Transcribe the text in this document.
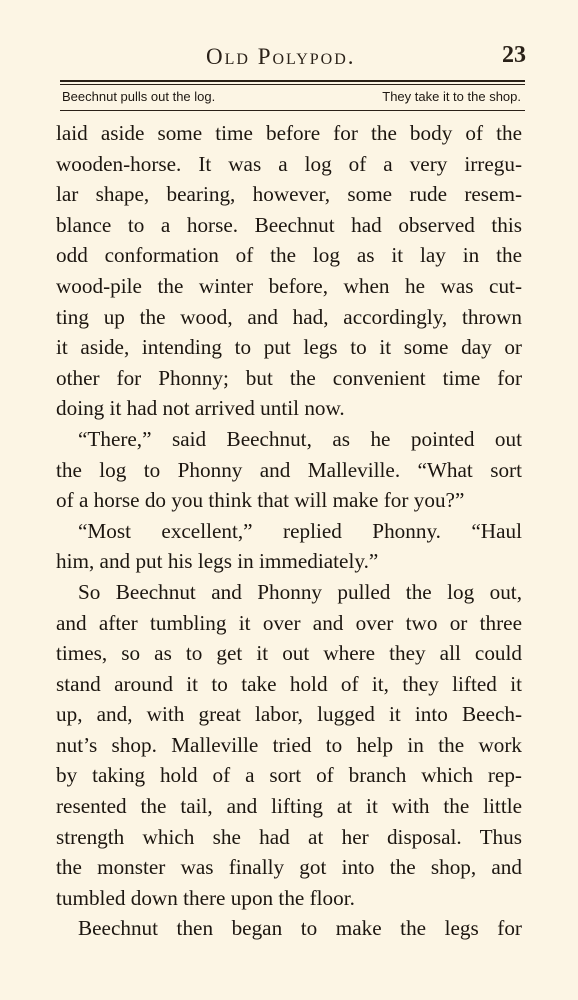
Old Polypod.	23
Beechnut pulls out the log.	They take it to the shop.
laid aside some time before for the body of the
wooden-horse. It was a log of a very irregu-
lar shape, bearing, however, some rude resem-
blance to a horse. Beechnut had observed this
odd conformation of the log as it lay in the
wood-pile the winter before, when he was cut-
ting up the wood, and had, accordingly, thrown
it aside, intending to put legs to it some day or
other for Phonny; but the convenient time for
doing it had not arrived until now.
“There,” said Beechnut, as he pointed out
the log to Phonny and Malleville. “What sort
of a horse do you think that will make for you?”
“Most excellent,” replied Phonny. “Haul
him, and put his legs in immediately.”
So Beechnut and Phonny pulled the log out,
and after tumbling it over and over two or three
times, so as to get it out where they all could
stand around it to take hold of it, they lifted it
up, and, with great labor, lugged it into Beech-
nut’s shop. Malleville tried to help in the work
by taking hold of a sort of branch which rep-
resented the tail, and lifting at it with the little
strength which she had at her disposal. Thus
the monster was finally got into the shop, and
tumbled down there upon the floor.
Beechnut then began to make the legs for
